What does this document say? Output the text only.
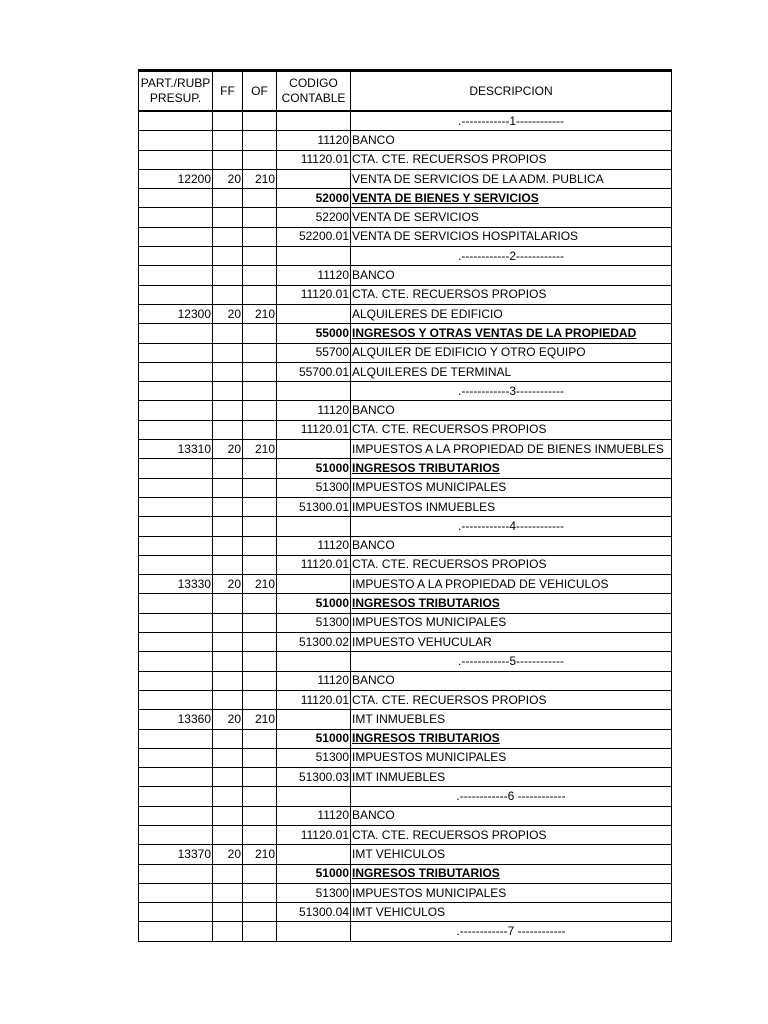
PART./RUBP PRESUP.	FF	OF	CODIGO CONTABLE	DESCRIPCION
				.------------1------------
			11120	BANCO
			11120.01	CTA. CTE. RECUERSOS PROPIOS
12200	20	210		VENTA DE SERVICIOS DE LA ADM. PUBLICA
			52000	VENTA DE BIENES Y SERVICIOS
			52200	VENTA DE SERVICIOS
			52200.01	VENTA DE SERVICIOS HOSPITALARIOS
				.------------2------------
			11120	BANCO
			11120.01	CTA. CTE. RECUERSOS PROPIOS
12300	20	210		ALQUILERES DE EDIFICIO
			55000	INGRESOS Y OTRAS VENTAS DE LA PROPIEDAD
			55700	ALQUILER DE EDIFICIO Y OTRO EQUIPO
			55700.01	ALQUILERES DE TERMINAL
				.------------3------------
			11120	BANCO
			11120.01	CTA. CTE. RECUERSOS PROPIOS
13310	20	210		IMPUESTOS A LA PROPIEDAD DE BIENES INMUEBLES
			51000	INGRESOS TRIBUTARIOS
			51300	IMPUESTOS MUNICIPALES
			51300.01	IMPUESTOS INMUEBLES
				.------------4------------
			11120	BANCO
			11120.01	CTA. CTE. RECUERSOS PROPIOS
13330	20	210		IMPUESTO A LA PROPIEDAD DE VEHICULOS
			51000	INGRESOS TRIBUTARIOS
			51300	IMPUESTOS MUNICIPALES
			51300.02	IMPUESTO VEHUCULAR
				.------------5------------
			11120	BANCO
			11120.01	CTA. CTE. RECUERSOS PROPIOS
13360	20	210		IMT INMUEBLES
			51000	INGRESOS TRIBUTARIOS
			51300	IMPUESTOS MUNICIPALES
			51300.03	IMT INMUEBLES
				.------------6 ------------
			11120	BANCO
			11120.01	CTA. CTE. RECUERSOS PROPIOS
13370	20	210		IMT VEHICULOS
			51000	INGRESOS TRIBUTARIOS
			51300	IMPUESTOS MUNICIPALES
			51300.04	IMT VEHICULOS
				.------------7 ------------
